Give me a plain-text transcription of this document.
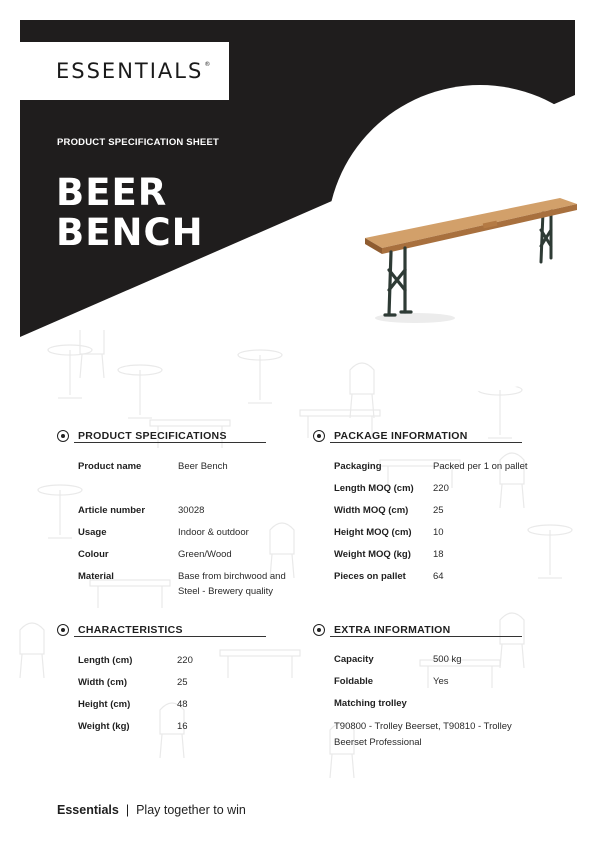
ESSENTIALS®
PRODUCT SPECIFICATION SHEET
BEER
BENCH
PRODUCT SPECIFICATIONS
Product name	Beer Bench
Article number	30028
Usage	Indoor & outdoor
Colour	Green/Wood
Material	Base from birchwood and Steel - Brewery quality
PACKAGE INFORMATION
Packaging	Packed per 1 on pallet
Length MOQ (cm) 220
Width MOQ (cm)	25
Height MOQ (cm) 10
Weight MOQ (kg) 18
Pieces on pallet	64
CHARACTERISTICS
Length (cm)	220
Width (cm)	25
Height (cm)	48
Weight (kg)	16
EXTRA INFORMATION
Capacity	500 kg
Foldable	Yes
Matching trolley
T90800 - Trolley Beerset, T90810 - Trolley Beerset Professional
Essentials | Play together to win
